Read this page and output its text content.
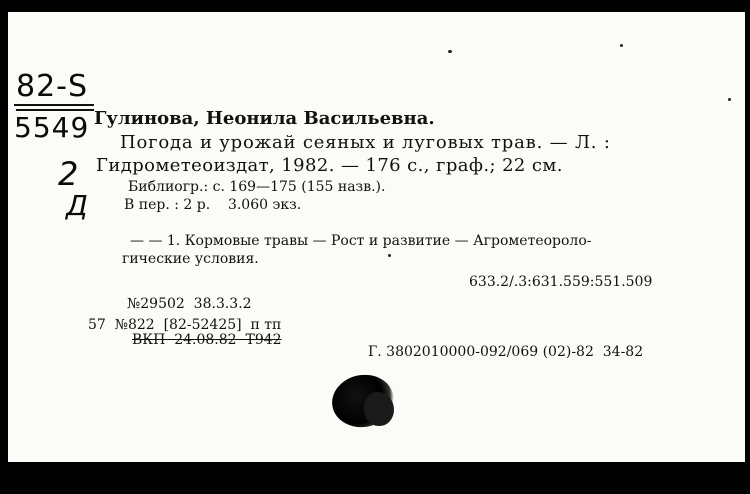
82-S
5549
2
Д
Гулинова, Неонила Васильевна.
Погода и урожай сеяных и луговых трав. — Л. :
Гидрометеоиздат, 1982. — 176 с., граф.; 22 см.
Библиогр.: с. 169—175 (155 назв.).
В пер. : 2 р.    3.060 экз.
— — 1. Кормовые травы — Рост и развитие — Агрометеороло-
гические условия.
633.2/.3:631.559:551.509
№29502  38.3.3.2
57  №822  [82-52425]  п тп
ВКП  24.08.82  Т942
Г. 3802010000-092/069 (02)-82  34-82
